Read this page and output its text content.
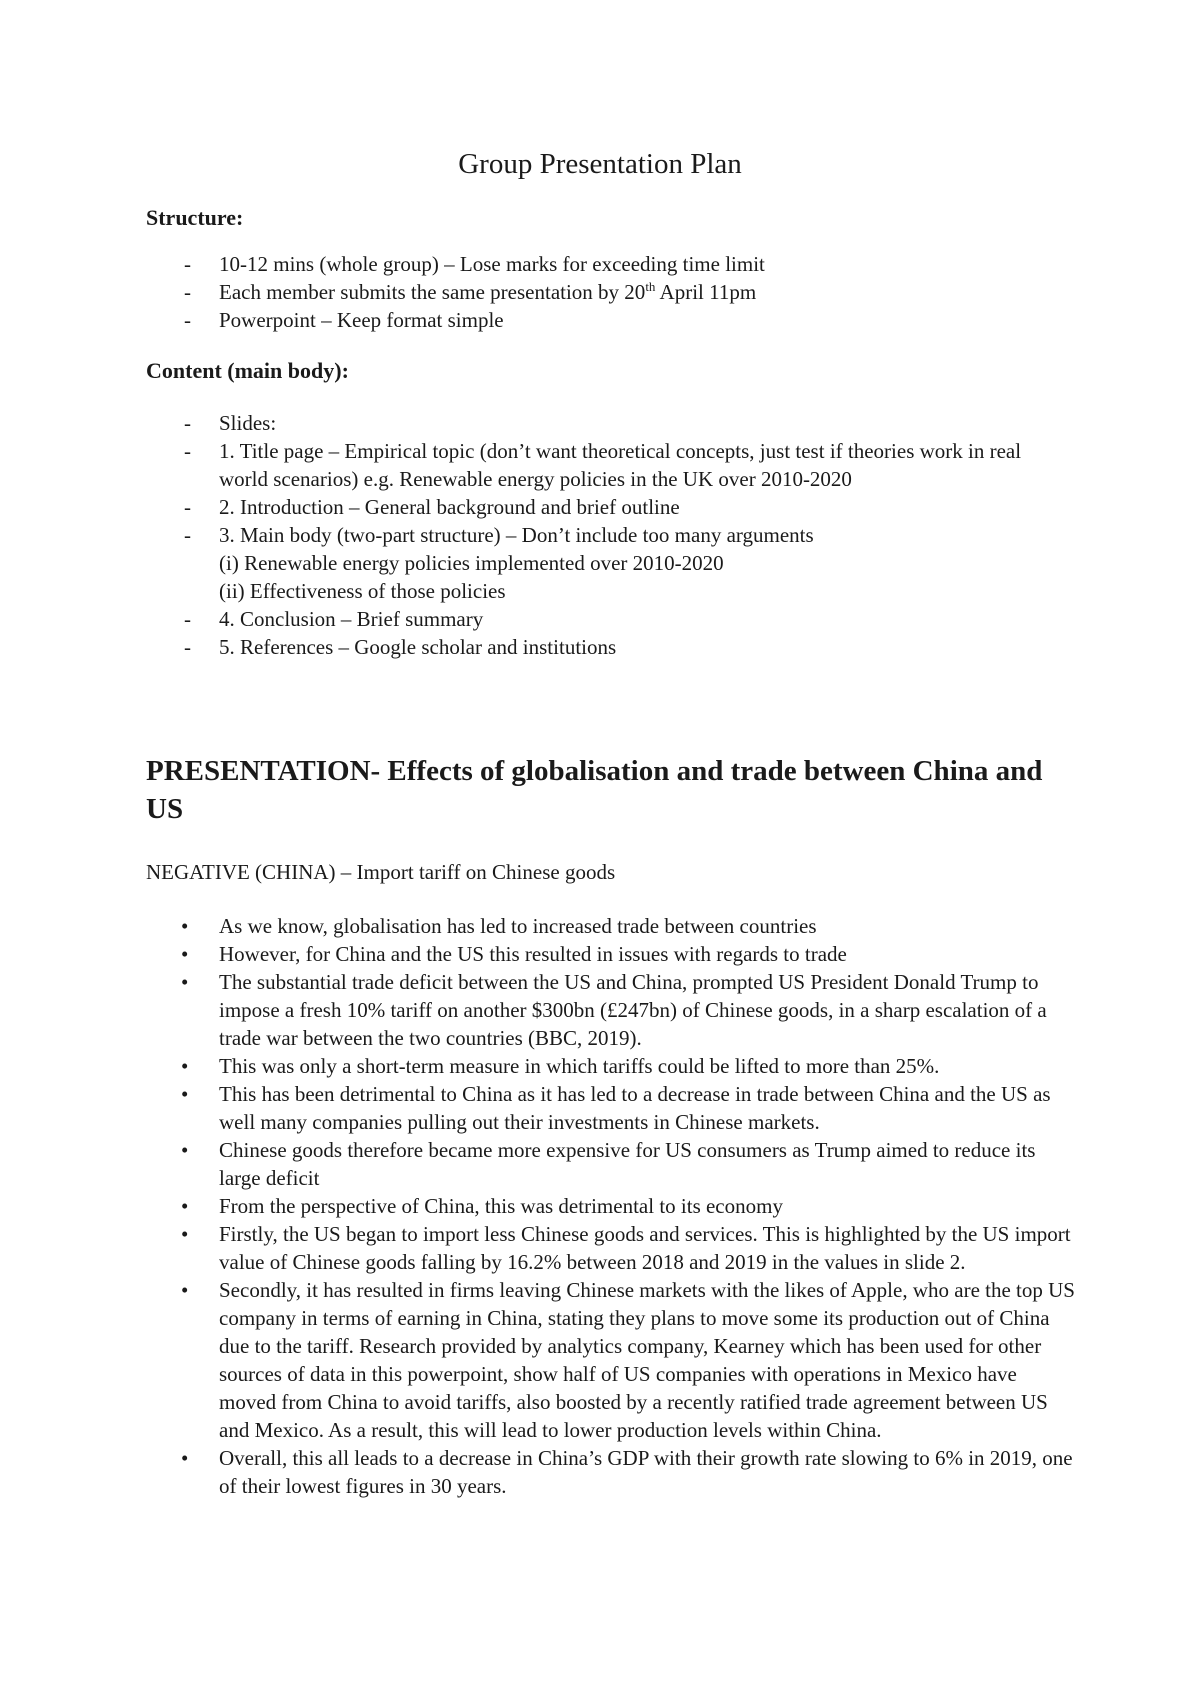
Group Presentation Plan
Structure:
- 10-12 mins (whole group) – Lose marks for exceeding time limit
- Each member submits the same presentation by 20th April 11pm
- Powerpoint – Keep format simple
Content (main body):
- Slides:
- 1. Title page – Empirical topic (don’t want theoretical concepts, just test if theories work in real world scenarios) e.g. Renewable energy policies in the UK over 2010-2020
- 2. Introduction – General background and brief outline
- 3. Main body (two-part structure) – Don’t include too many arguments
(i) Renewable energy policies implemented over 2010-2020
(ii) Effectiveness of those policies
- 4. Conclusion – Brief summary
- 5. References – Google scholar and institutions
PRESENTATION- Effects of globalisation and trade between China and US
NEGATIVE (CHINA) – Import tariff on Chinese goods
• As we know, globalisation has led to increased trade between countries
• However, for China and the US this resulted in issues with regards to trade
• The substantial trade deficit between the US and China, prompted US President Donald Trump to impose a fresh 10% tariff on another $300bn (£247bn) of Chinese goods, in a sharp escalation of a trade war between the two countries (BBC, 2019).
• This was only a short-term measure in which tariffs could be lifted to more than 25%.
• This has been detrimental to China as it has led to a decrease in trade between China and the US as well many companies pulling out their investments in Chinese markets.
• Chinese goods therefore became more expensive for US consumers as Trump aimed to reduce its large deficit
• From the perspective of China, this was detrimental to its economy
• Firstly, the US began to import less Chinese goods and services. This is highlighted by the US import value of Chinese goods falling by 16.2% between 2018 and 2019 in the values in slide 2.
• Secondly, it has resulted in firms leaving Chinese markets with the likes of Apple, who are the top US company in terms of earning in China, stating they plans to move some its production out of China due to the tariff. Research provided by analytics company, Kearney which has been used for other sources of data in this powerpoint, show half of US companies with operations in Mexico have moved from China to avoid tariffs, also boosted by a recently ratified trade agreement between US and Mexico. As a result, this will lead to lower production levels within China.
• Overall, this all leads to a decrease in China’s GDP with their growth rate slowing to 6% in 2019, one of their lowest figures in 30 years.
